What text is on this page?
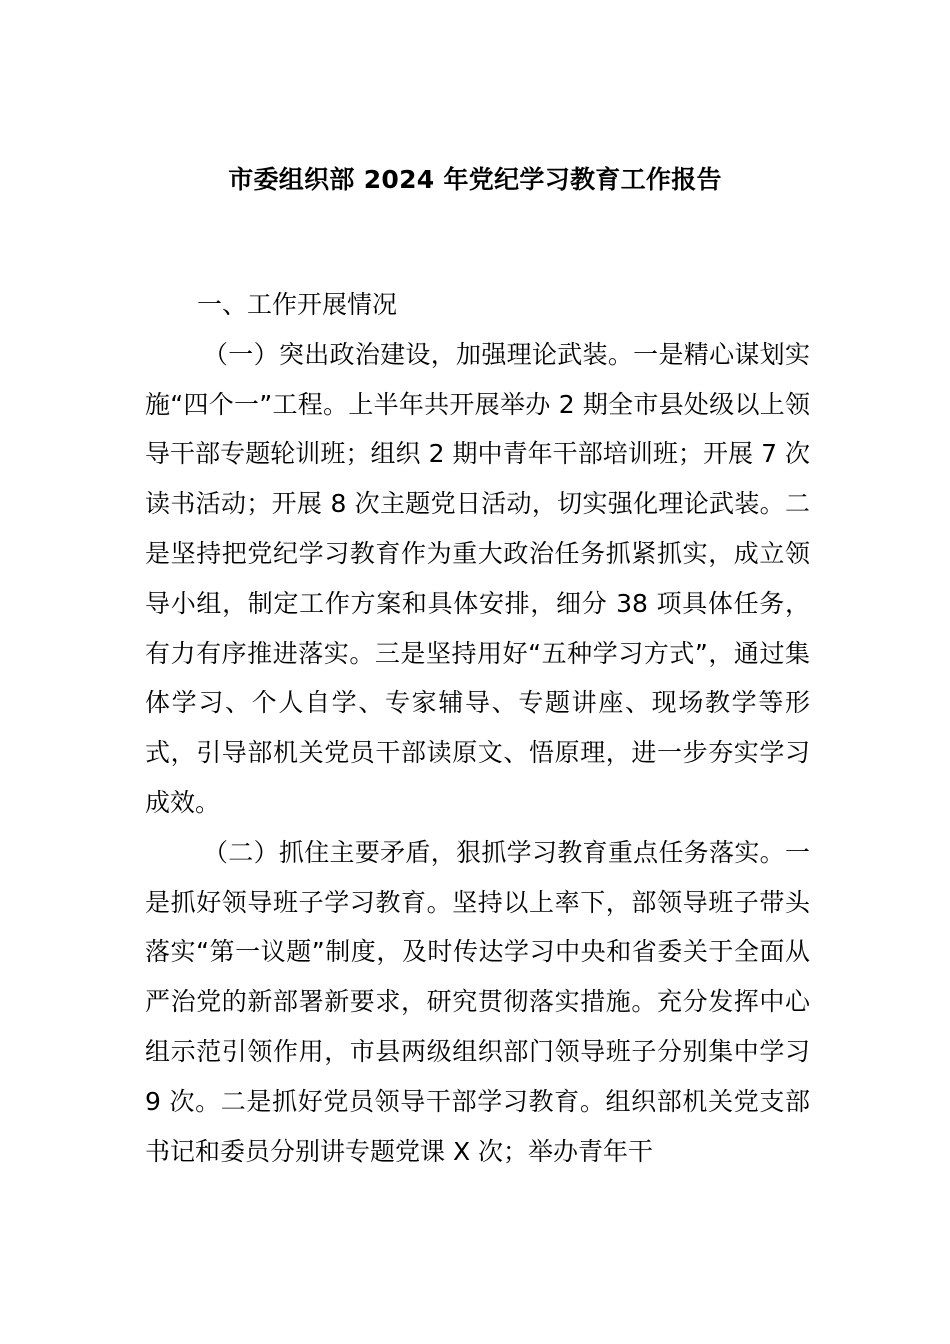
市委组织部 2024 年党纪学习教育工作报告
一、工作开展情况

（一）突出政治建设，加强理论武装。一是精心谋划实施“四个一”工程。上半年共开展举办 2 期全市县处级以上领导干部专题轮训班；组织 2 期中青年干部培训班；开展 7 次读书活动；开展 8 次主题党日活动，切实强化理论武装。二是坚持把党纪学习教育作为重大政治任务抓紧抓实，成立领导小组，制定工作方案和具体安排，细分 38 项具体任务，有力有序推进落实。三是坚持用好“五种学习方式”，通过集体学习、个人自学、专家辅导、专题讲座、现场教学等形式，引导部机关党员干部读原文、悟原理，进一步夯实学习成效。

（二）抓住主要矛盾，狠抓学习教育重点任务落实。一是抓好领导班子学习教育。坚持以上率下，部领导班子带头落实“第一议题”制度，及时传达学习中央和省委关于全面从严治党的新部署新要求，研究贯彻落实措施。充分发挥中心组示范引领作用，市县两级组织部门领导班子分别集中学习 9 次。二是抓好党员领导干部学习教育。组织部机关党支部书记和委员分别讲专题党课 X 次；举办青年干
